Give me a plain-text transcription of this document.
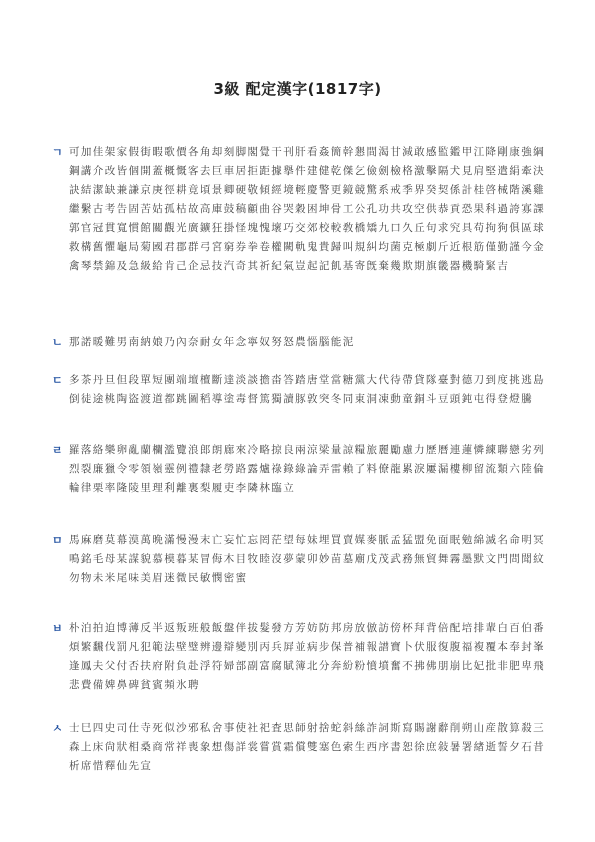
3級 配定漢字(1817字)
ㄱ 可加佳架家假街暇歌價各角却刻脚閣覺干刊肝看姦簡幹懇間渴甘減敢感監鑑甲江降剛康強綱鋼講介改皆個開蓋概慨客去巨車居拒距據擧件建健乾傑乞儉劍檢格激擊隔犬見肩堅遣絹牽決訣結潔缺兼謙京庚徑耕竟頃景卿硬敬傾經境輕慶警更鏡競驚系戒季界癸契係計桂啓械階溪雞繼繫古考告固苦姑孤枯故高庫鼓稿顧曲谷哭穀困坤骨工公孔功共攻空供恭貢恐果科過誇寡課郭官冠貫寬慣館關觀光廣鑛狂掛怪塊愧壞巧交郊校較敎橋矯九口久丘句求究具苟拘狗俱區球救構舊懼龜局菊國君郡群弓宮窮券拳卷權闕軌鬼貴歸叫規糾均菌克極劇斤近根筋僅勤謹今金禽琴禁錦及急級給肯己企忌技汽奇其祈紀氣豈起記飢基寄旣棄幾欺期旗畿器機騎緊吉
ㄴ 那諾暖難男南納娘乃內奈耐女年念寧奴努怒農惱腦能泥
ㄷ 多茶丹旦但段單短團端壇檀斷達淡談擔畓答踏唐堂當糖黨大代待帶貸隊臺對德刀到度挑逃島倒徒途桃陶盜渡道都跳圖稻導塗毒督篤獨讀豚敦突冬同東洞凍動童銅斗豆頭鈍屯得登燈騰
ㄹ 羅落絡樂卵亂蘭欄濫覽浪郎朗廊來冷略掠良兩涼梁量諒糧旅麗勵慮力歷曆連蓮憐練聯戀劣列烈裂廉獵令零領嶺靈例禮隸老勞路露爐祿錄綠論弄雷賴了料僚龍累淚屢漏樓柳留流類六陸倫輪律栗率隆陵里理利離裏梨履吏李隣林臨立
ㅁ 馬麻磨莫幕漠萬晩滿慢漫末亡妄忙忘罔茫望每妹埋買賣媒麥脈孟猛盟免面眠勉綿滅名命明冥鳴銘毛母某謀貌慕模暮某冒侮木目牧睦沒夢蒙卯妙苗墓廟戊茂武務無貿舞霧墨默文門問聞紋勿物未米尾味美眉迷微民敏憫密蜜
ㅂ 朴泊拍迫博薄反半返叛班般飯盤伴拔髮發方芳妨防邦房放倣訪傍杯拜背倍配培排輩白百伯番煩繁飜伐罰凡犯範法壁璧辨邊辯變別丙兵屛並病步保普補報譜寶卜伏服復腹福複覆本奉封峯逢鳳夫父付否扶府附負赴浮符婦部副富腐賦簿北分奔紛粉憤墳奮不拂佛朋崩比妃批非肥卑飛悲費備婢鼻碑貧賓頻氷聘
ㅅ 士巳四史司仕寺死似沙邪私舍事使社祀査思師射捨蛇斜絲詐詞斯寫賜謝辭削朔山産散算殺三森上床尙狀相桑商常祥喪象想傷詳裳嘗賞霜償雙塞色索生西序書恕徐庶敍暑署緖逝誓夕石昔析席惜釋仙先宣
